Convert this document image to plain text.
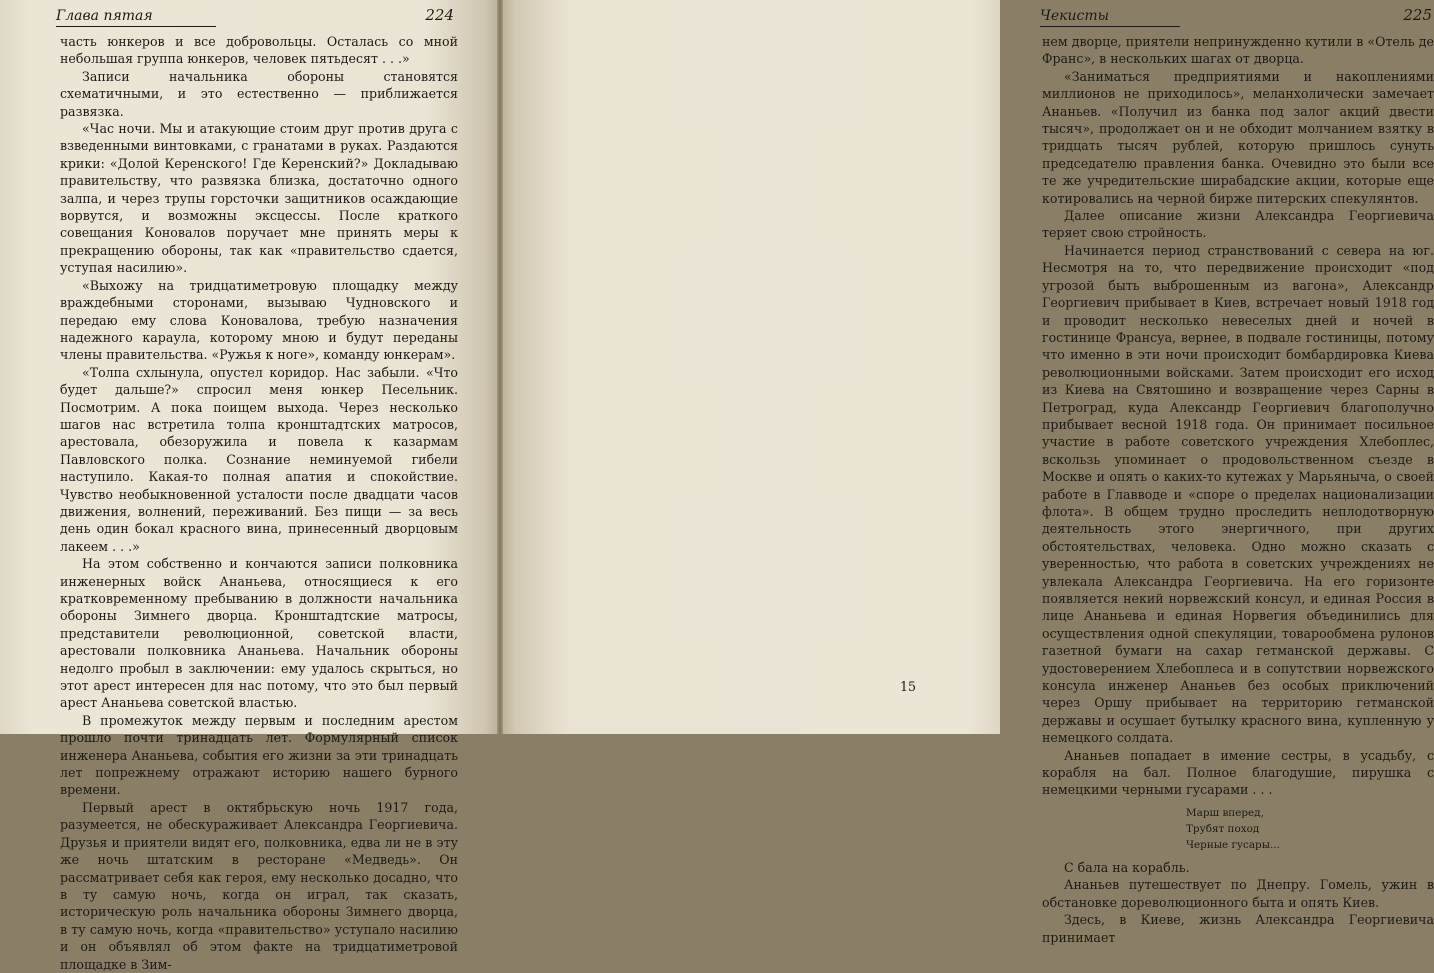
Глава пятая	224

часть юнкеров и все добровольцы. Осталась со мной небольшая группа юнкеров, человек пятьдесят . . .»

Записи начальника обороны становятся схематичными, и это естественно — приближается развязка.

«Час ночи. Мы и атакующие стоим друг против друга с взведенными винтовками, с гранатами в руках. Раздаются крики: «Долой Керенского! Где Керенский?» Докладываю правительству, что развязка близка, достаточно одного залпа, и через трупы горсточки защитников осаждающие ворвутся, и возможны эксцессы. После краткого совещания Коновалов поручает мне принять меры к прекращению обороны, так как «правительство сдается, уступая насилию».

«Выхожу на тридцатиметровую площадку между враждебными сторонами, вызываю Чудновского и передаю ему слова Коновалова, требую назначения надежного караула, которому мною и будут переданы члены правительства. «Ружья к ноге», команду юнкерам».

«Толпа схлынула, опустел коридор. Нас забыли. «Что будет дальше?» спросил меня юнкер Песельник. Посмотрим. А пока поищем выхода. Через несколько шагов нас встретила толпа кронштадтских матросов, арестовала, обезоружила и повела к казармам Павловского полка. Сознание неминуемой гибели наступило. Какая-то полная апатия и спокойствие. Чувство необыкновенной усталости после двадцати часов движения, волнений, переживаний. Без пищи — за весь день один бокал красного вина, принесенный дворцовым лакеем . . .»

На этом собственно и кончаются записи полковника инженерных войск Ананьева, относящиеся к его кратковременному пребыванию в должности начальника обороны Зимнего дворца. Кронштадтские матросы, представители революционной, советской власти, арестовали полковника Ананьева. Начальник обороны недолго пробыл в заключении: ему удалось скрыться, но этот арест интересен для нас потому, что это был первый арест Ананьева советской властью.

В промежуток между первым и последним арестом прошло почти тринадцать лет. Формулярный список инженера Ананьева, события его жизни за эти тринадцать лет попрежнему отражают историю нашего бурного времени.

Первый арест в октябрьскую ночь 1917 года, разумеется, не обескураживает Александра Георгиевича. Друзья и приятели видят его, полковника, едва ли не в эту же ночь штатским в ресторане «Медведь». Он рассматривает себя как героя, ему несколько досадно, что в ту самую ночь, когда он играл, так сказать, историческую роль начальника обороны Зимнего дворца, в ту самую ночь, когда «правительство» уступало насилию и он объявлял об этом факте на тридцатиметровой площадке в Зим-

Чекисты	225

нем дворце, приятели непринужденно кутили в «Отель де Франс», в нескольких шагах от дворца.

«Заниматься предприятиями и накоплениями миллионов не приходилось», меланхолически замечает Ананьев. «Получил из банка под залог акций двести тысяч», продолжает он и не обходит молчанием взятку в тридцать тысяч рублей, которую пришлось сунуть председателю правления банка. Очевидно это были все те же учредительские ширабадские акции, которые еще котировались на черной бирже питерских спекулянтов.

Далее описание жизни Александра Георгиевича теряет свою стройность.

Начинается период странствований с севера на юг. Несмотря на то, что передвижение происходит «под угрозой быть выброшенным из вагона», Александр Георгиевич прибывает в Киев, встречает новый 1918 год и проводит несколько невеселых дней и ночей в гостинице Франсуа, вернее, в подвале гостиницы, потому что именно в эти ночи происходит бомбардировка Киева революционными войсками. Затем происходит его исход из Киева на Святошино и возвращение через Сарны в Петроград, куда Александр Георгиевич благополучно прибывает весной 1918 года. Он принимает посильное участие в работе советского учреждения Хлебоплес, вскользь упоминает о продовольственном съезде в Москве и опять о каких-то кутежах у Марьяныча, о своей работе в Главводе и «споре о пределах национализации флота». В общем трудно проследить неплодотворную деятельность этого энергичного, при других обстоятельствах, человека. Одно можно сказать с уверенностью, что работа в советских учреждениях не увлекала Александра Георгиевича. На его горизонте появляется некий норвежский консул, и единая Россия в лице Ананьева и единая Норвегия объединились для осуществления одной спекуляции, товарообмена рулонов газетной бумаги на сахар гетманской державы. С удостоверением Хлебоплеса и в сопутствии норвежского консула инженер Ананьев без особых приключений через Оршу прибывает на территорию гетманской державы и осушает бутылку красного вина, купленную у немецкого солдата.

Ананьев попадает в имение сестры, в усадьбу, с корабля на бал. Полное благодушие, пирушка с немецкими черными гусарами . . .

Марш вперед,
Трубят поход
Черные гусары...

С бала на корабль.

Ананьев путешествует по Днепру. Гомель, ужин в обстановке дореволюционного быта и опять Киев.

Здесь, в Киеве, жизнь Александра Георгиевича принимает

15
